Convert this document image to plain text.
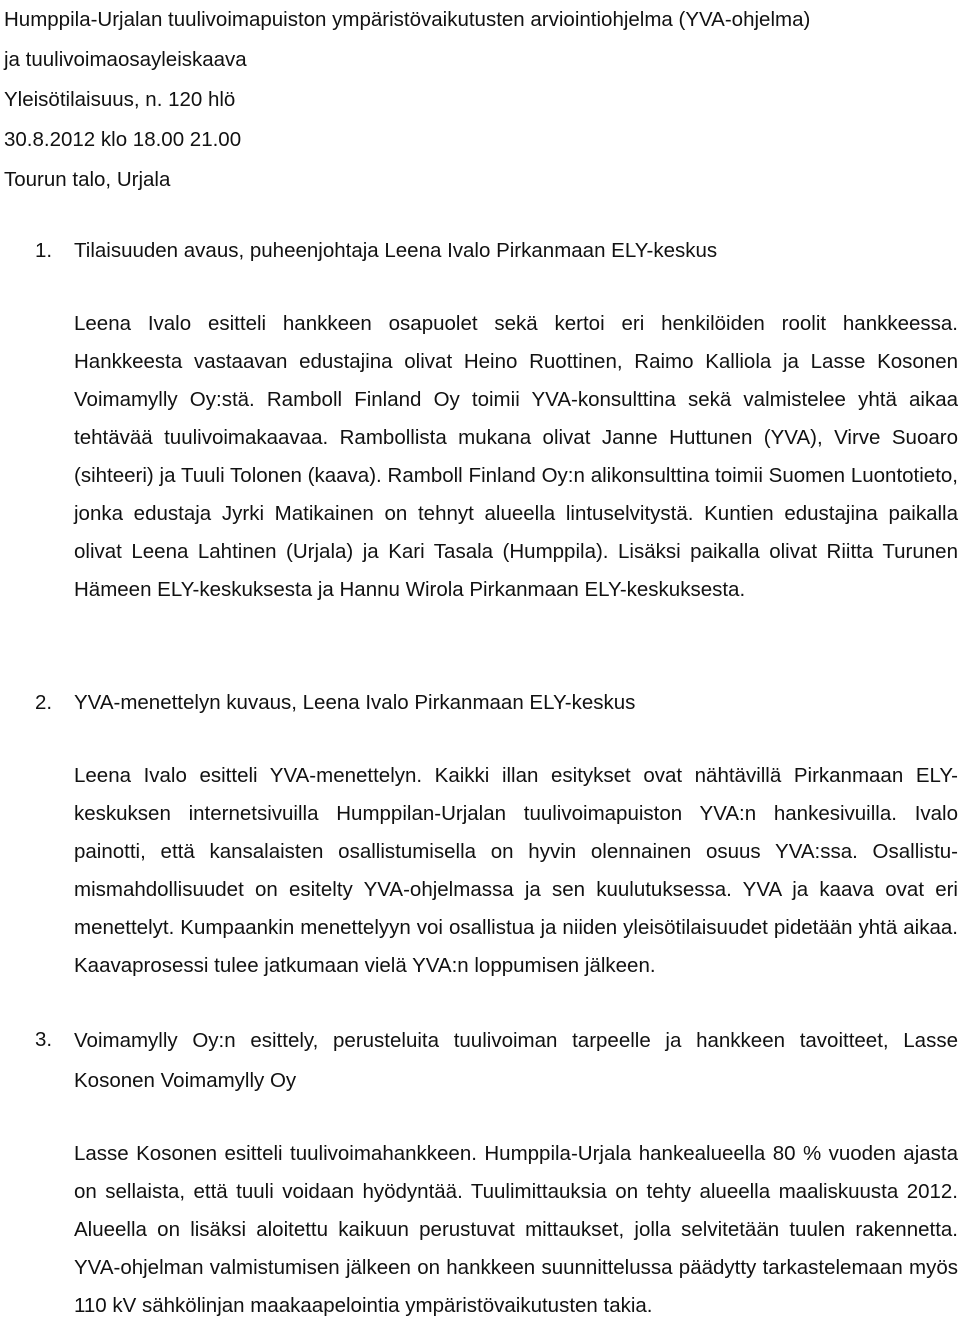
Humppila-Urjalan tuulivoimapuiston ympäristövaikutusten arviointiohjelma (YVA-ohjelma)
ja tuulivoimaosayleiskaava
Yleisötilaisuus, n. 120 hlö
30.8.2012 klo 18.00 21.00
Tourun talo, Urjala
1. Tilaisuuden avaus, puheenjohtaja Leena Ivalo Pirkanmaan ELY-keskus
Leena Ivalo esitteli hankkeen osapuolet sekä kertoi eri henkilöiden roolit hankkeessa. Hankkeesta vastaavan edustajina olivat Heino Ruottinen, Raimo Kalliola ja Lasse Kosonen Voimamylly Oy:stä. Ramboll Finland Oy toimii YVA-konsulttina sekä valmistelee yhtä aikaa tehtävää tuulivoimakaavaa. Rambollista mukana olivat Janne Huttunen (YVA), Virve Suoaro (sihteeri) ja Tuuli Tolonen (kaava). Ramboll Finland Oy:n alikonsulttina toimii Suomen Luontotieto, jonka edustaja Jyrki Matikainen on tehnyt alueella lintuselvitystä. Kuntien edustajina paikalla olivat Leena Lahtinen (Urjala) ja Kari Tasala (Humppila). Lisäksi paikalla olivat Riitta Turunen Hämeen ELY-keskuksesta ja Hannu Wirola Pirkanmaan ELY-keskuksesta.
2. YVA-menettelyn kuvaus, Leena Ivalo Pirkanmaan ELY-keskus
Leena Ivalo esitteli YVA-menettelyn. Kaikki illan esitykset ovat nähtävillä Pirkanmaan ELY-keskuksen internetsivuilla Humppilan-Urjalan tuulivoimapuiston YVA:n hankesivuilla. Ivalo painotti, että kansalaisten osallistumisella on hyvin olennainen osuus YVA:ssa. Osallistumismahdollisuudet on esitelty YVA-ohjelmassa ja sen kuulutuksessa. YVA ja kaava ovat eri menettelyt. Kumpaankin menettelyyn voi osallistua ja niiden yleisötilaisuudet pidetään yhtä aikaa. Kaavaprosessi tulee jatkumaan vielä YVA:n loppumisen jälkeen.
3. Voimamylly Oy:n esittely, perusteluita tuulivoiman tarpeelle ja hankkeen tavoitteet, Lasse Kosonen Voimamylly Oy
Lasse Kosonen esitteli tuulivoimahankkeen. Humppila-Urjala hankealueella 80 % vuoden ajasta on sellaista, että tuuli voidaan hyödyntää. Tuulimittauksia on tehty alueella maaliskuusta 2012. Alueella on lisäksi aloitettu kaikuun perustuvat mittaukset, jolla selvitetään tuulen rakennetta. YVA-ohjelman valmistumisen jälkeen on hankkeen suunnittelussa päädytty tarkastelemaan myös 110 kV sähkölinjan maakaapelointia ympäristövaikutusten takia.
